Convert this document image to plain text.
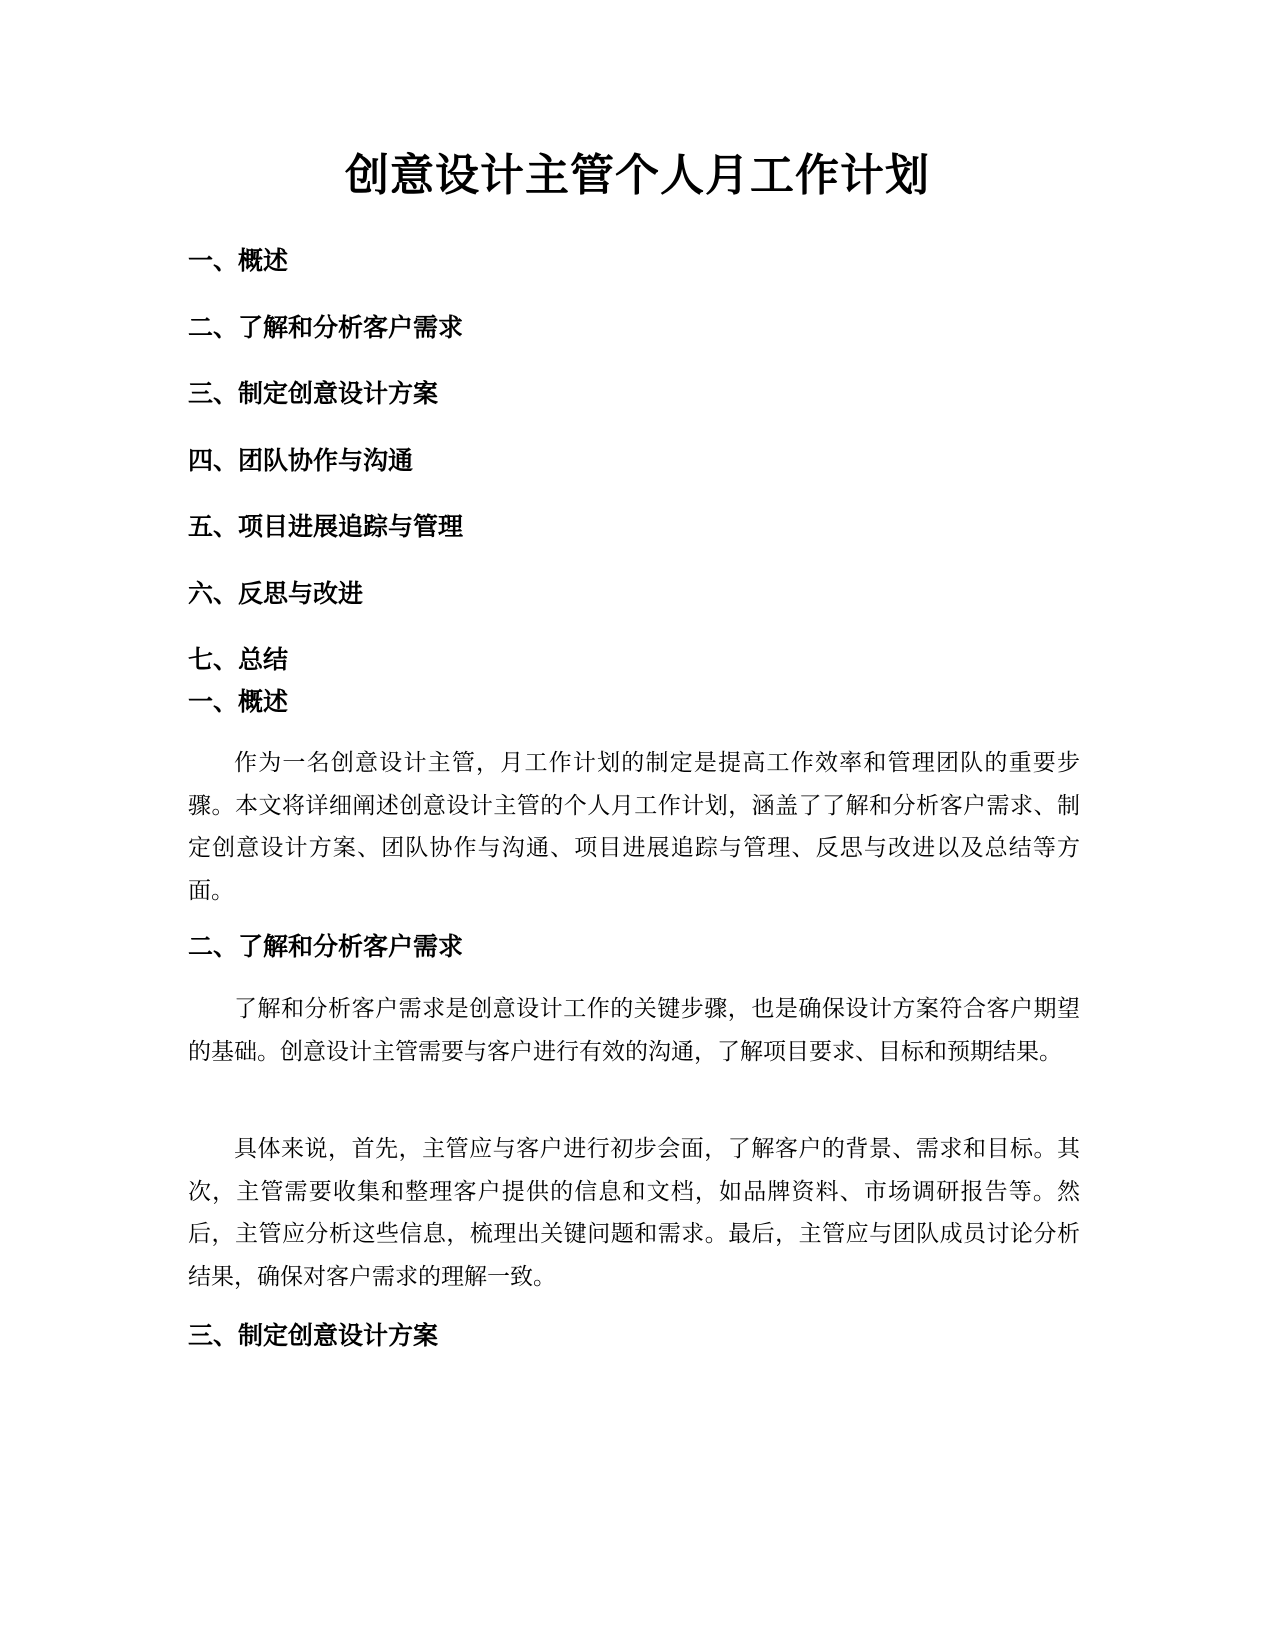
创意设计主管个人月工作计划
一、概述
二、了解和分析客户需求
三、制定创意设计方案
四、团队协作与沟通
五、项目进展追踪与管理
六、反思与改进
七、总结
一、概述

作为一名创意设计主管，月工作计划的制定是提高工作效率和管理团队的重要步骤。本文将详细阐述创意设计主管的个人月工作计划，涵盖了了解和分析客户需求、制定创意设计方案、团队协作与沟通、项目进展追踪与管理、反思与改进以及总结等方面。

二、了解和分析客户需求

了解和分析客户需求是创意设计工作的关键步骤，也是确保设计方案符合客户期望的基础。创意设计主管需要与客户进行有效的沟通，了解项目要求、目标和预期结果。

具体来说，首先，主管应与客户进行初步会面，了解客户的背景、需求和目标。其次，主管需要收集和整理客户提供的信息和文档，如品牌资料、市场调研报告等。然后，主管应分析这些信息，梳理出关键问题和需求。最后，主管应与团队成员讨论分析结果，确保对客户需求的理解一致。

三、制定创意设计方案
